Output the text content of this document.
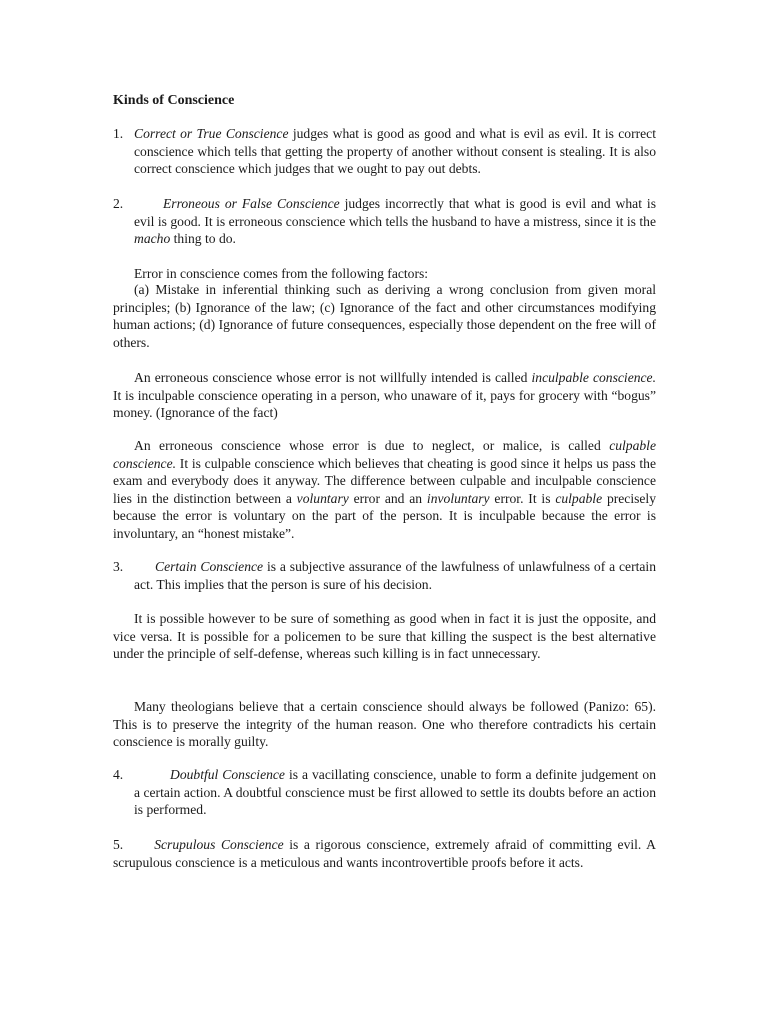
Kinds of Conscience
1. Correct or True Conscience judges what is good as good and what is evil as evil. It is correct conscience which tells that getting the property of another without consent is stealing. It is also correct conscience which judges that we ought to pay out debts.
2.	Erroneous or False Conscience judges incorrectly that what is good is evil and what is evil is good. It is erroneous conscience which tells the husband to have a mistress, since it is the macho thing to do.
Error in conscience comes from the following factors:
(a) Mistake in inferential thinking such as deriving a wrong conclusion from given moral principles; (b) Ignorance of the law; (c) Ignorance of the fact and other circumstances modifying human actions; (d) Ignorance of future consequences, especially those dependent on the free will of others.
An erroneous conscience whose error is not willfully intended is called inculpable conscience. It is inculpable conscience operating in a person, who unaware of it, pays for grocery with “bogus” money. (Ignorance of the fact)
An erroneous conscience whose error is due to neglect, or malice, is called culpable conscience. It is culpable conscience which believes that cheating is good since it helps us pass the exam and everybody does it anyway. The difference between culpable and inculpable conscience lies in the distinction between a voluntary error and an involuntary error. It is culpable precisely because the error is voluntary on the part of the person. It is inculpable because the error is involuntary, an “honest mistake”.
3.	Certain Conscience is a subjective assurance of the lawfulness of unlawfulness of a certain act. This implies that the person is sure of his decision.
It is possible however to be sure of something as good when in fact it is just the opposite, and vice versa. It is possible for a policemen to be sure that killing the suspect is the best alternative under the principle of self-defense, whereas such killing is in fact unnecessary.
Many theologians believe that a certain conscience should always be followed (Panizo: 65). This is to preserve the integrity of the human reason. One who therefore contradicts his certain conscience is morally guilty.
4.	Doubtful Conscience is a vacillating conscience, unable to form a definite judgement on a certain action. A doubtful conscience must be first allowed to settle its doubts before an action is performed.
5. Scrupulous Conscience is a rigorous conscience, extremely afraid of committing evil. A scrupulous conscience is a meticulous and wants incontrovertible proofs before it acts.
